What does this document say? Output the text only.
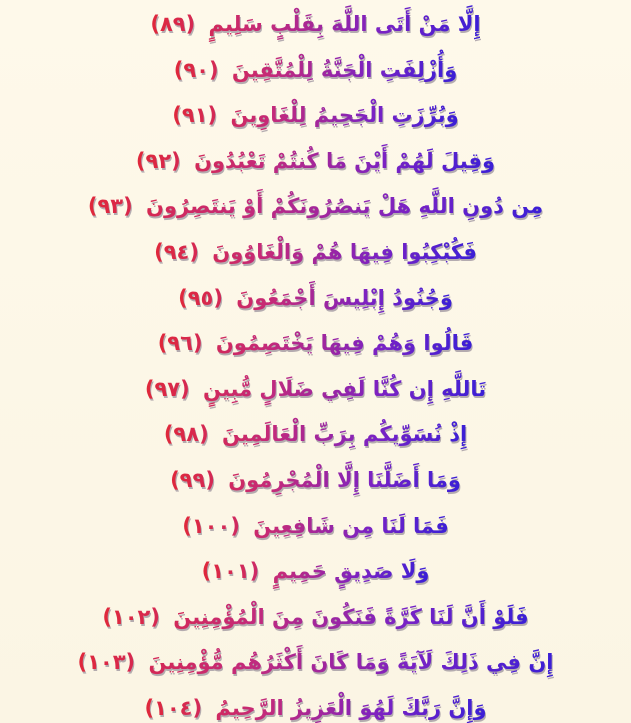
إِلَّا مَنْ أَتَى اللَّهَ بِقَلْبٍ سَلِيمٍ (٨٩)
وَأُزْلِفَتِ الْجَنَّةُ لِلْمُتَّقِينَ (٩٠)
وَبُرِّزَتِ الْجَحِيمُ لِلْغَاوِينَ (٩١)
وَقِيلَ لَهُمْ أَيْنَ مَا كُنتُمْ تَعْبُدُونَ (٩٢)
مِن دُونِ اللَّهِ هَلْ يَنصُرُونَكُمْ أَوْ يَنتَصِرُونَ (٩٣)
فَكُبْكِبُوا فِيهَا هُمْ وَالْغَاوُونَ (٩٤)
وَجُنُودُ إِبْلِيسَ أَجْمَعُونَ (٩٥)
قَالُوا وَهُمْ فِيهَا يَخْتَصِمُونَ (٩٦)
تَاللَّهِ إِن كُنَّا لَفِي ضَلَالٍ مُّبِينٍ (٩٧)
إِذْ نُسَوِّيكُم بِرَبِّ الْعَالَمِينَ (٩٨)
وَمَا أَضَلَّنَا إِلَّا الْمُجْرِمُونَ (٩٩)
فَمَا لَنَا مِن شَافِعِينَ (١٠٠)
وَلَا صَدِيقٍ حَمِيمٍ (١٠١)
فَلَوْ أَنَّ لَنَا كَرَّةً فَنَكُونَ مِنَ الْمُؤْمِنِينَ (١٠٢)
إِنَّ فِي ذَلِكَ لَآيَةً وَمَا كَانَ أَكْثَرُهُم مُّؤْمِنِينَ (١٠٣)
وَإِنَّ رَبَّكَ لَهُوَ الْعَزِيزُ الرَّحِيمُ (١٠٤)
